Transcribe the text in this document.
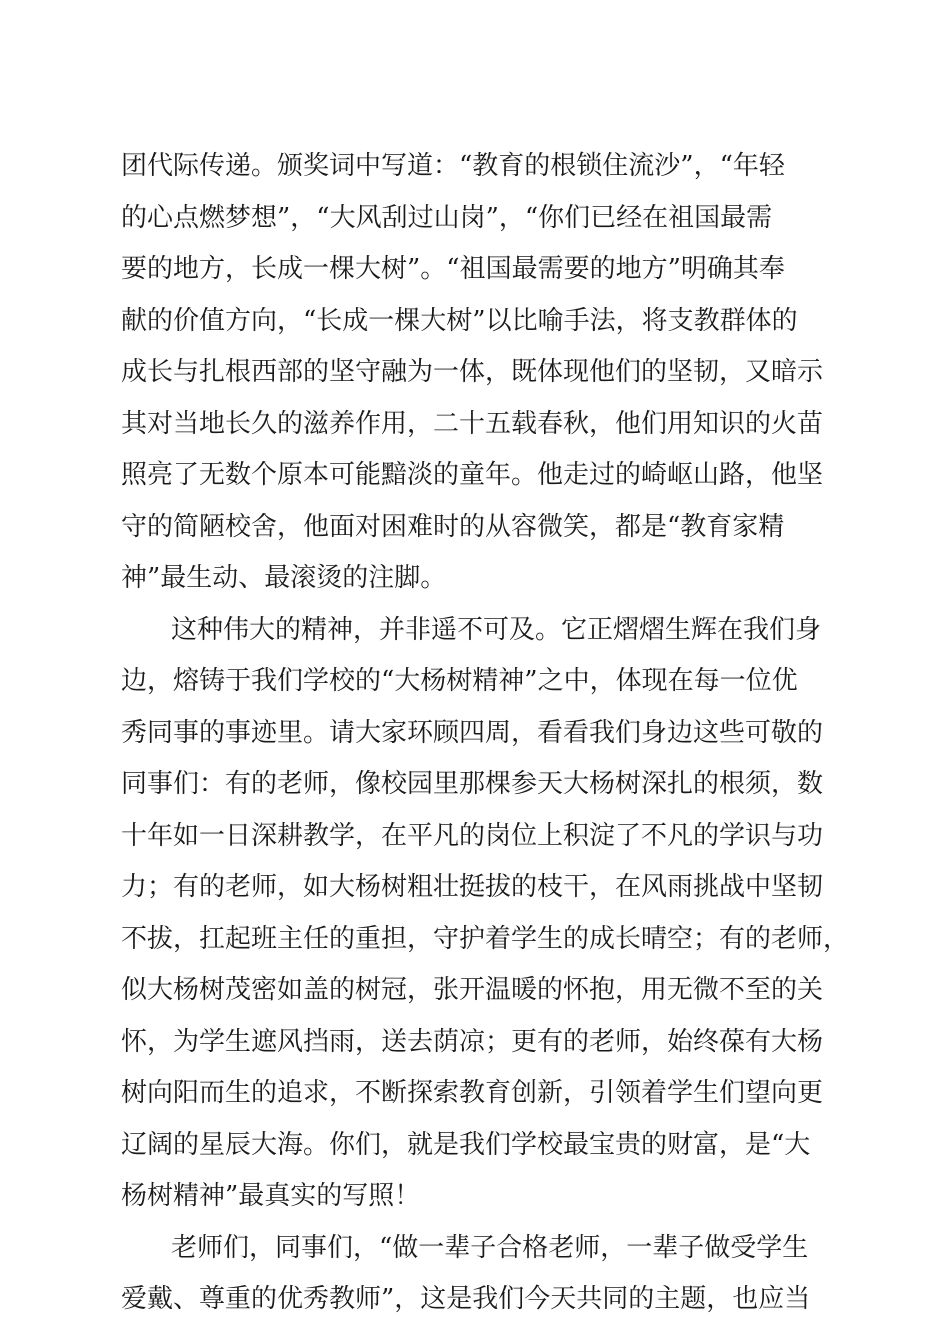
团代际传递。颁奖词中写道：“教育的根锁住流沙”，“年轻
的心点燃梦想”，“大风刮过山岗”，“你们已经在祖国最需
要的地方，长成一棵大树”。“祖国最需要的地方”明确其奉
献的价值方向，“长成一棵大树”以比喻手法，将支教群体的
成长与扎根西部的坚守融为一体，既体现他们的坚韧，又暗示
其对当地长久的滋养作用，二十五载春秋，他们用知识的火苗
照亮了无数个原本可能黯淡的童年。他走过的崎岖山路，他坚
守的简陋校舍，他面对困难时的从容微笑，都是“教育家精
神”最生动、最滚烫的注脚。
这种伟大的精神，并非遥不可及。它正熠熠生辉在我们身
边，熔铸于我们学校的“大杨树精神”之中，体现在每一位优
秀同事的事迹里。请大家环顾四周，看看我们身边这些可敬的
同事们：有的老师，像校园里那棵参天大杨树深扎的根须，数
十年如一日深耕教学，在平凡的岗位上积淀了不凡的学识与功
力；有的老师，如大杨树粗壮挺拔的枝干，在风雨挑战中坚韧
不拔，扛起班主任的重担，守护着学生的成长晴空；有的老师，
似大杨树茂密如盖的树冠，张开温暖的怀抱，用无微不至的关
怀，为学生遮风挡雨，送去荫凉；更有的老师，始终葆有大杨
树向阳而生的追求，不断探索教育创新，引领着学生们望向更
辽阔的星辰大海。你们，就是我们学校最宝贵的财富，是“大
杨树精神”最真实的写照！
老师们，同事们，“做一辈子合格老师，一辈子做受学生
爱戴、尊重的优秀教师”，这是我们今天共同的主题，也应当
